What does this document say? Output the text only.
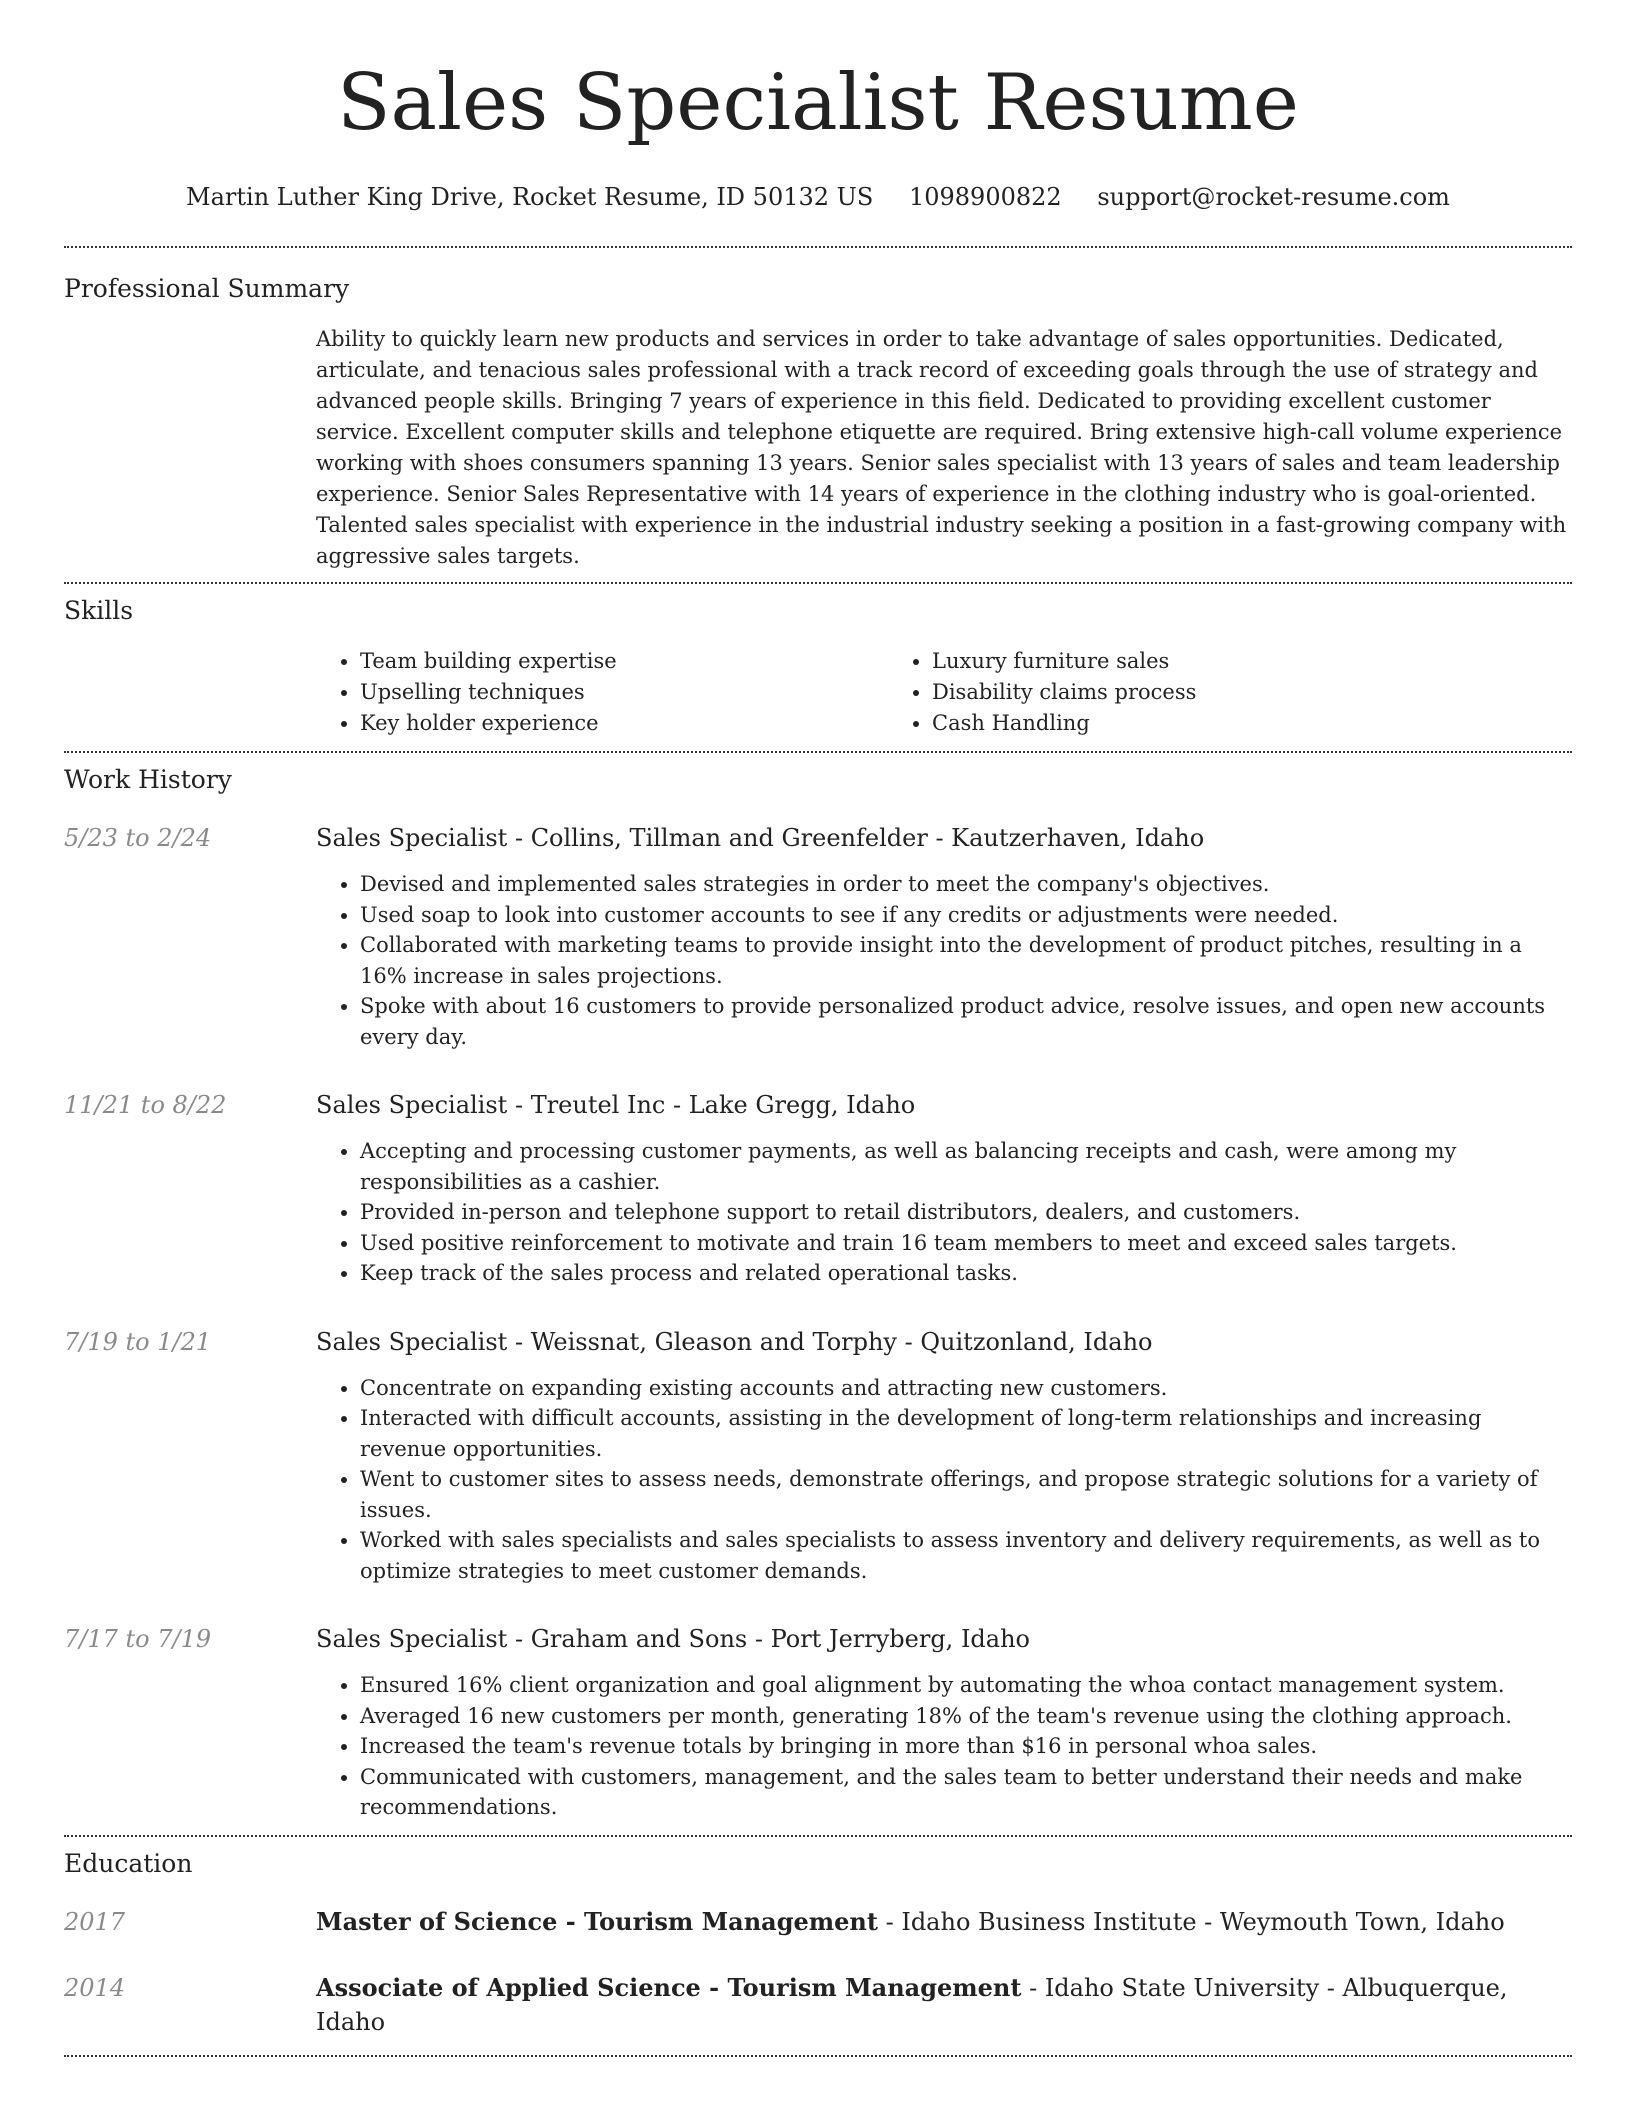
Sales Specialist Resume
Martin Luther King Drive, Rocket Resume, ID 50132 US 1098900822 support@rocket-resume.com
Professional Summary

Ability to quickly learn new products and services in order to take advantage of sales opportunities. Dedicated, articulate, and tenacious sales professional with a track record of exceeding goals through the use of strategy and advanced people skills. Bringing 7 years of experience in this field. Dedicated to providing excellent customer service. Excellent computer skills and telephone etiquette are required. Bring extensive high-call volume experience working with shoes consumers spanning 13 years. Senior sales specialist with 13 years of sales and team leadership experience. Senior Sales Representative with 14 years of experience in the clothing industry who is goal-oriented. Talented sales specialist with experience in the industrial industry seeking a position in a fast-growing company with aggressive sales targets.

Skills
• Team building expertise
• Upselling techniques
• Key holder experience
• Luxury furniture sales
• Disability claims process
• Cash Handling
Work History
5/23 to 2/24	Sales Specialist - Collins, Tillman and Greenfelder - Kautzerhaven, Idaho
• Devised and implemented sales strategies in order to meet the company's objectives.
• Used soap to look into customer accounts to see if any credits or adjustments were needed.
• Collaborated with marketing teams to provide insight into the development of product pitches, resulting in a 16% increase in sales projections.
• Spoke with about 16 customers to provide personalized product advice, resolve issues, and open new accounts every day.
11/21 to 8/22	Sales Specialist - Treutel Inc - Lake Gregg, Idaho
• Accepting and processing customer payments, as well as balancing receipts and cash, were among my responsibilities as a cashier.
• Provided in-person and telephone support to retail distributors, dealers, and customers.
• Used positive reinforcement to motivate and train 16 team members to meet and exceed sales targets.
• Keep track of the sales process and related operational tasks.
7/19 to 1/21	Sales Specialist - Weissnat, Gleason and Torphy - Quitzonland, Idaho
• Concentrate on expanding existing accounts and attracting new customers.
• Interacted with difficult accounts, assisting in the development of long-term relationships and increasing revenue opportunities.
• Went to customer sites to assess needs, demonstrate offerings, and propose strategic solutions for a variety of issues.
• Worked with sales specialists and sales specialists to assess inventory and delivery requirements, as well as to optimize strategies to meet customer demands.
7/17 to 7/19	Sales Specialist - Graham and Sons - Port Jerryberg, Idaho
• Ensured 16% client organization and goal alignment by automating the whoa contact management system.
• Averaged 16 new customers per month, generating 18% of the team's revenue using the clothing approach.
• Increased the team's revenue totals by bringing in more than $16 in personal whoa sales.
• Communicated with customers, management, and the sales team to better understand their needs and make recommendations.
Education
2017	Master of Science - Tourism Management - Idaho Business Institute - Weymouth Town, Idaho
2014	Associate of Applied Science - Tourism Management - Idaho State University - Albuquerque, Idaho
